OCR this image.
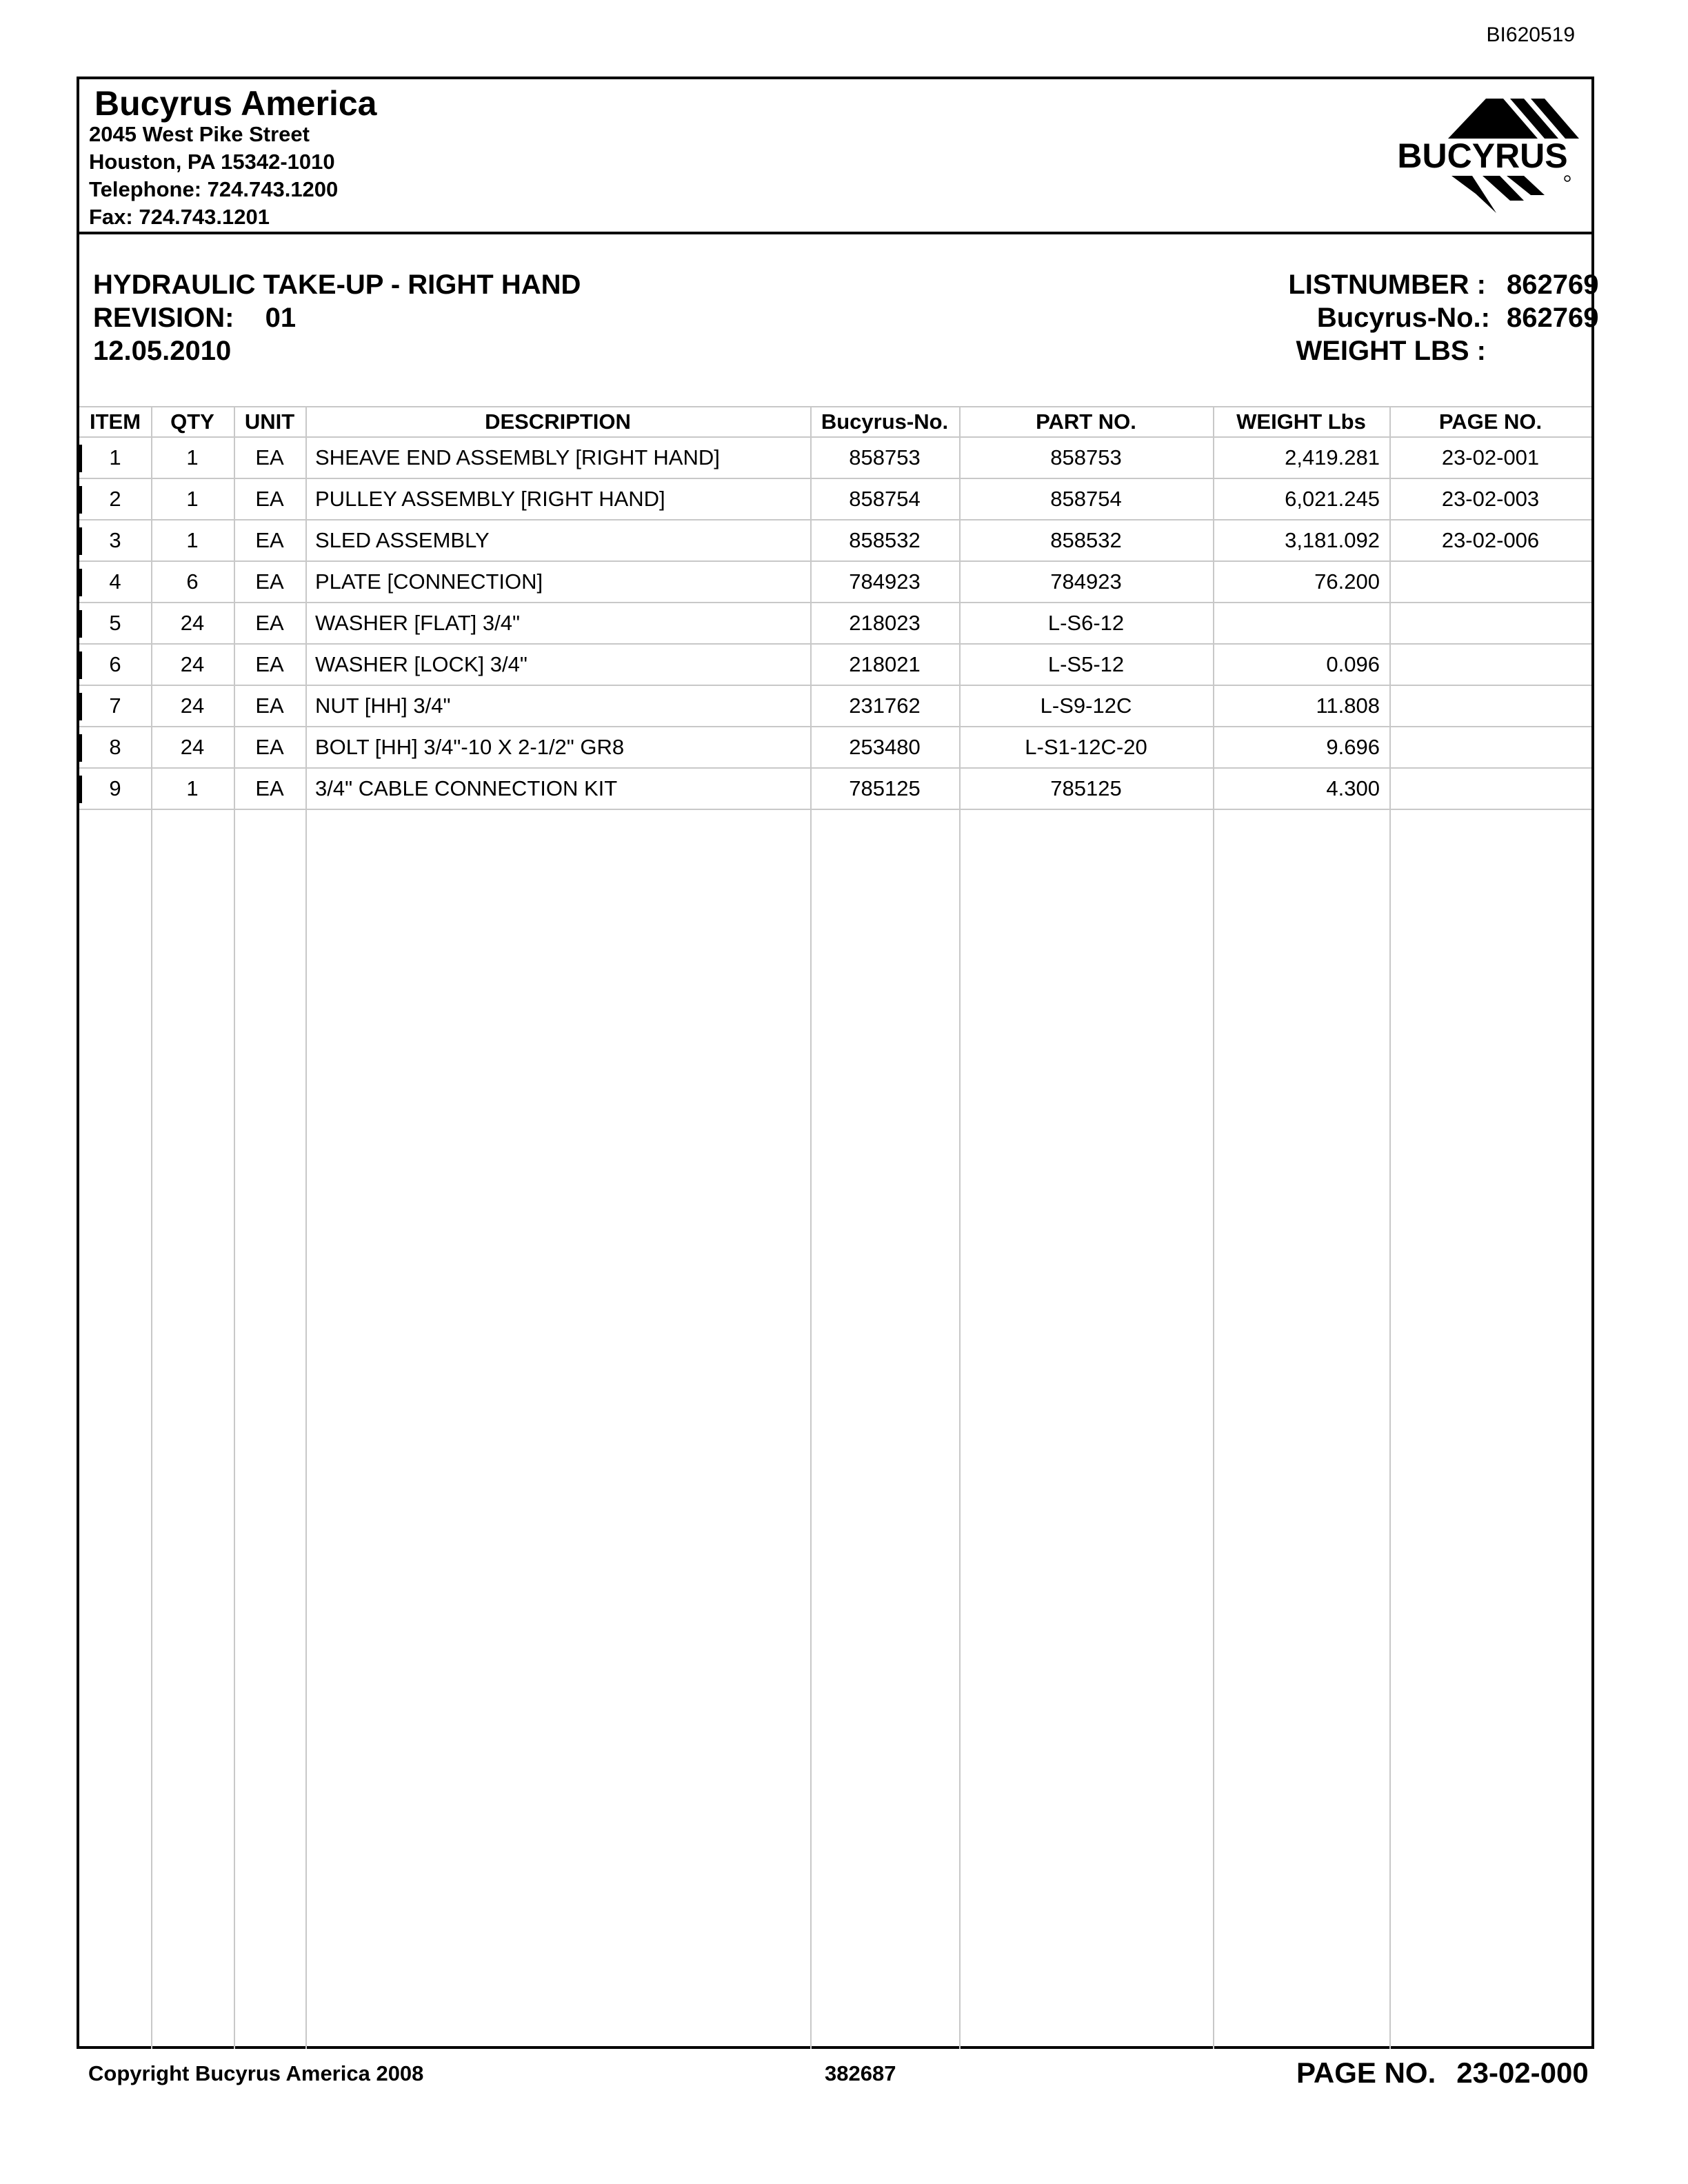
BI620519
Bucyrus America
2045 West Pike Street
Houston, PA 15342-1010
Telephone: 724.743.1200
Fax: 724.743.1201
BUCYRUS
HYDRAULIC TAKE-UP - RIGHT HAND
REVISION: 01
12.05.2010
LISTNUMBER : 862769
Bucyrus-No.: 862769
WEIGHT LBS :
ITEM	QTY	UNIT	DESCRIPTION	Bucyrus-No.	PART NO.	WEIGHT Lbs	PAGE NO.
1	1	EA	SHEAVE END ASSEMBLY [RIGHT HAND]	858753	858753	2,419.281	23-02-001
2	1	EA	PULLEY ASSEMBLY [RIGHT HAND]	858754	858754	6,021.245	23-02-003
3	1	EA	SLED ASSEMBLY	858532	858532	3,181.092	23-02-006
4	6	EA	PLATE [CONNECTION]	784923	784923	76.200
5	24	EA	WASHER [FLAT] 3/4"	218023	L-S6-12
6	24	EA	WASHER [LOCK] 3/4"	218021	L-S5-12	0.096
7	24	EA	NUT [HH] 3/4"	231762	L-S9-12C	11.808
8	24	EA	BOLT [HH] 3/4"-10 X 2-1/2" GR8	253480	L-S1-12C-20	9.696
9	1	EA	3/4" CABLE CONNECTION KIT	785125	785125	4.300
Copyright Bucyrus America 2008	382687	PAGE NO. 23-02-000
